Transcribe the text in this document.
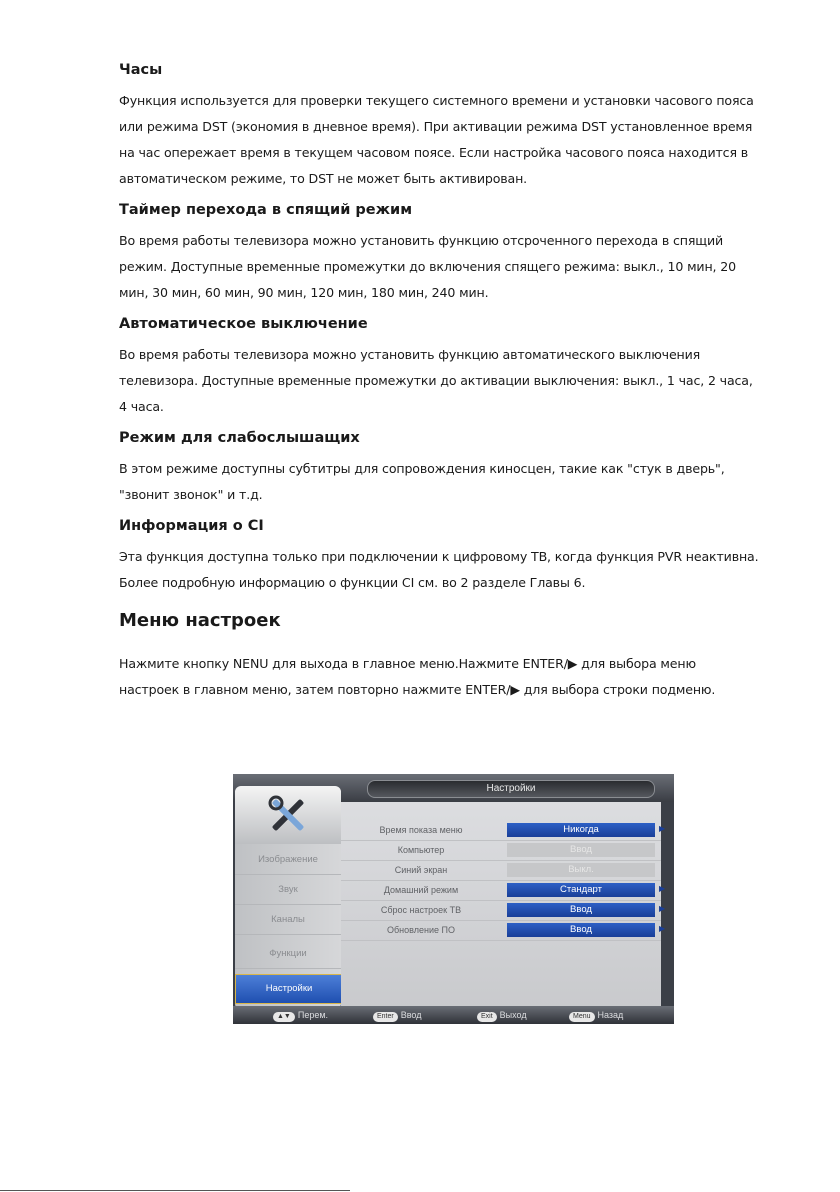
Часы

Функция используется для проверки текущего системного времени и установки часового пояса или режима DST (экономия в дневное время). При активации режима DST установленное время на час опережает время в текущем часовом поясе. Если настройка часового пояса находится в автоматическом режиме, то DST не может быть активирован.

Таймер перехода в спящий режим

Во время работы телевизора можно установить функцию отсроченного перехода в спящий режим. Доступные временные промежутки до включения спящего режима: выкл., 10 мин, 20 мин, 30 мин, 60 мин, 90 мин, 120 мин, 180 мин, 240 мин.

Автоматическое выключение

Во время работы телевизора можно установить функцию автоматического выключения телевизора. Доступные временные промежутки до активации выключения: выкл., 1 час, 2 часа, 4 часа.

Режим для слабослышащих

В этом режиме доступны субтитры для сопровождения киносцен, такие как "стук в дверь", "звонит звонок" и т.д.

Информация о CI

Эта функция доступна только при подключении к цифровому ТВ, когда функция PVR неактивна. Более подробную информацию о функции CI см. во 2 разделе Главы 6.

Меню настроек

Нажмите кнопку NENU для выхода в главное меню.Нажмите ENTER/▶ для выбора меню настроек в главном меню, затем повторно нажмите ENTER/▶ для выбора строки подменю.

Настройки
Изображение
Звук
Каналы
Функции
Настройки
Время показа меню	Никогда	▶
Компьютер	Ввод
Синий экран	Выкл.
Домашний режим	Стандарт	▶
Сброс настроек ТВ	Ввод	▶
Обновление ПО	Ввод	▶
▲▼ Перем.	Enter Ввод	Exit Выход	Menu Назад
